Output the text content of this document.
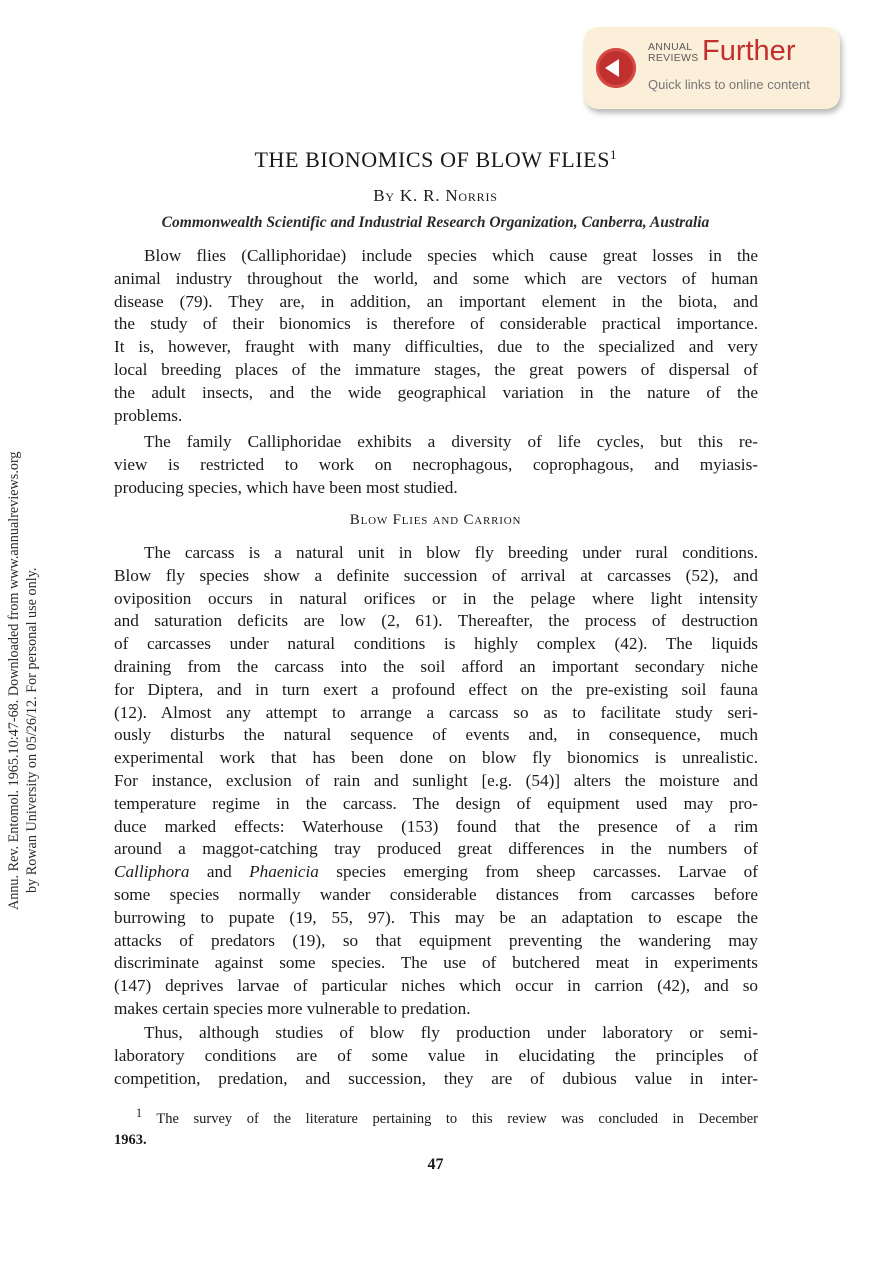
Annu. Rev. Entomol. 1965.10:47-68. Downloaded from www.annualreviews.org by Rowan University on 05/26/12. For personal use only.
ANNUAL
REVIEWS Further
Quick links to online content
THE BIONOMICS OF BLOW FLIES$^1$
By K. R. Norris
Commonwealth Scientific and Industrial Research Organization, Canberra, Australia
Blow flies (Calliphoridae) include species which cause great losses in the
animal industry throughout the world, and some which are vectors of human
disease (79). They are, in addition, an important element in the biota, and
the study of their bionomics is therefore of considerable practical importance.
It is, however, fraught with many difficulties, due to the specialized and very
local breeding places of the immature stages, the great powers of dispersal of
the adult insects, and the wide geographical variation in the nature of the
problems.
The family Calliphoridae exhibits a diversity of life cycles, but this re-
view is restricted to work on necrophagous, coprophagous, and myiasis-
producing species, which have been most studied.
Blow Flies and Carrion
The carcass is a natural unit in blow fly breeding under rural conditions.
Blow fly species show a definite succession of arrival at carcasses (52), and
oviposition occurs in natural orifices or in the pelage where light intensity
and saturation deficits are low (2, 61). Thereafter, the process of destruction
of carcasses under natural conditions is highly complex (42). The liquids
draining from the carcass into the soil afford an important secondary niche
for Diptera, and in turn exert a profound effect on the pre-existing soil fauna
(12). Almost any attempt to arrange a carcass so as to facilitate study seri-
ously disturbs the natural sequence of events and, in consequence, much
experimental work that has been done on blow fly bionomics is unrealistic.
For instance, exclusion of rain and sunlight [e.g. (54)] alters the moisture and
temperature regime in the carcass. The design of equipment used may pro-
duce marked effects: Waterhouse (153) found that the presence of a rim
around a maggot-catching tray produced great differences in the numbers of
Calliphora and Phaenicia species emerging from sheep carcasses. Larvae of
some species normally wander considerable distances from carcasses before
burrowing to pupate (19, 55, 97). This may be an adaptation to escape the
attacks of predators (19), so that equipment preventing the wandering may
discriminate against some species. The use of butchered meat in experiments
(147) deprives larvae of particular niches which occur in carrion (42), and so
makes certain species more vulnerable to predation.
Thus, although studies of blow fly production under laboratory or semi-
laboratory conditions are of some value in elucidating the principles of
competition, predation, and succession, they are of dubious value in inter-
$^1$ The survey of the literature pertaining to this review was concluded in December
1963.
47
